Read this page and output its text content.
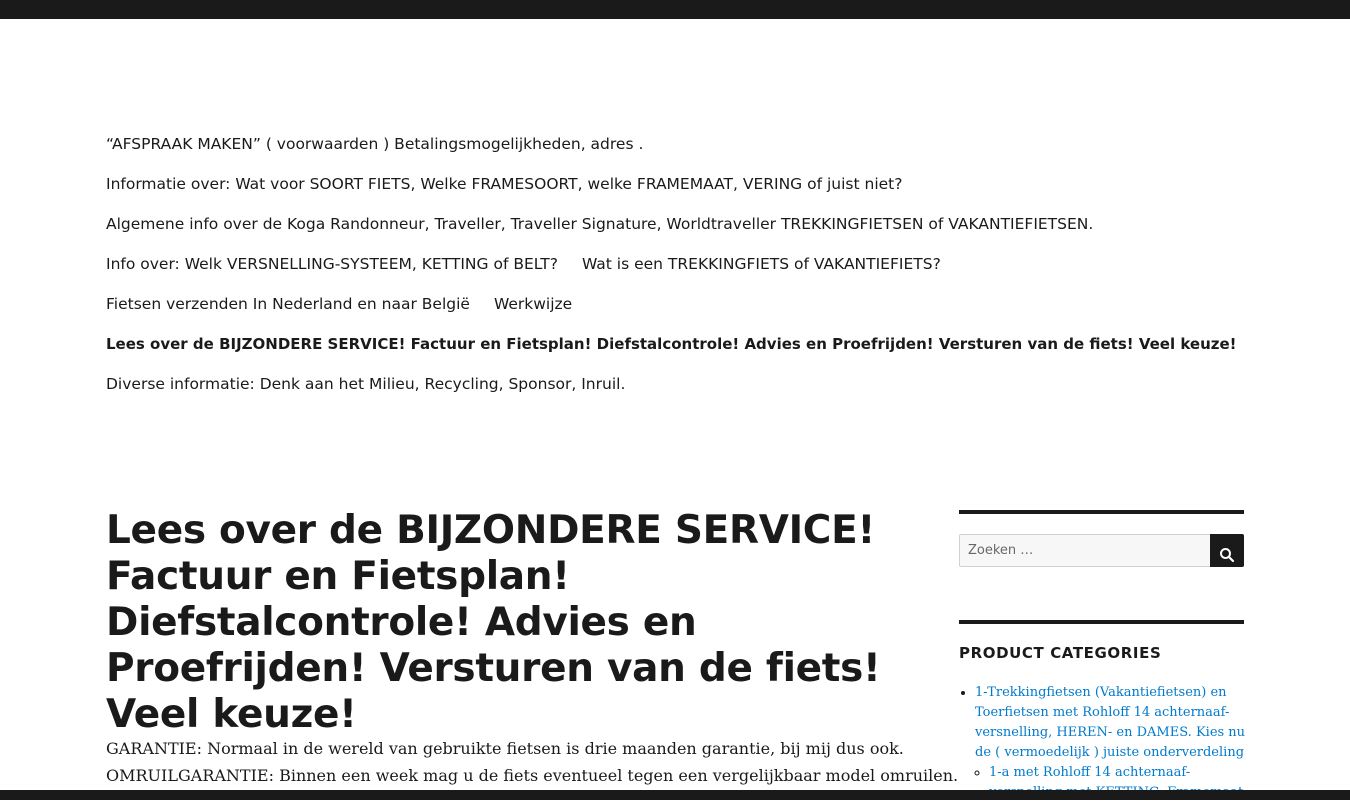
“AFSPRAAK MAKEN” ( voorwaarden ) Betalingsmogelijkheden, adres .

Informatie over: Wat voor SOORT FIETS, Welke FRAMESOORT, welke FRAMEMAAT, VERING of juist niet?

Algemene info over de Koga Randonneur, Traveller, Traveller Signature, Worldtraveller TREKKINGFIETSEN of VAKANTIEFIETSEN.

Info over: Welk VERSNELLING-SYSTEEM, KETTING of BELT? Wat is een TREKKINGFIETS of VAKANTIEFIETS?

Fietsen verzenden In Nederland en naar België Werkwijze

Lees over de BIJZONDERE SERVICE! Factuur en Fietsplan! Diefstalcontrole! Advies en Proefrijden! Versturen van de fiets! Veel keuze!

Diverse informatie: Denk aan het Milieu, Recycling, Sponsor, Inruil.

Lees over de BIJZONDERE SERVICE! Factuur en Fietsplan! Diefstalcontrole! Advies en Proefrijden! Versturen van de fiets! Veel keuze!

GARANTIE: Normaal in de wereld van gebruikte fietsen is drie maanden garantie, bij mij dus ook.

OMRUILGARANTIE: Binnen een week mag u de fiets eventueel tegen een vergelijkbaar model omruilen.

Zoeken …
PRODUCT CATEGORIES
• 1-Trekkingfietsen (Vakantiefietsen) en Toerfietsen met Rohloff 14 achternaaf-versnelling, HEREN- en DAMES. Kies nu de ( vermoedelijk ) juiste onderverdeling
◦ 1-a met Rohloff 14 achternaaf-
